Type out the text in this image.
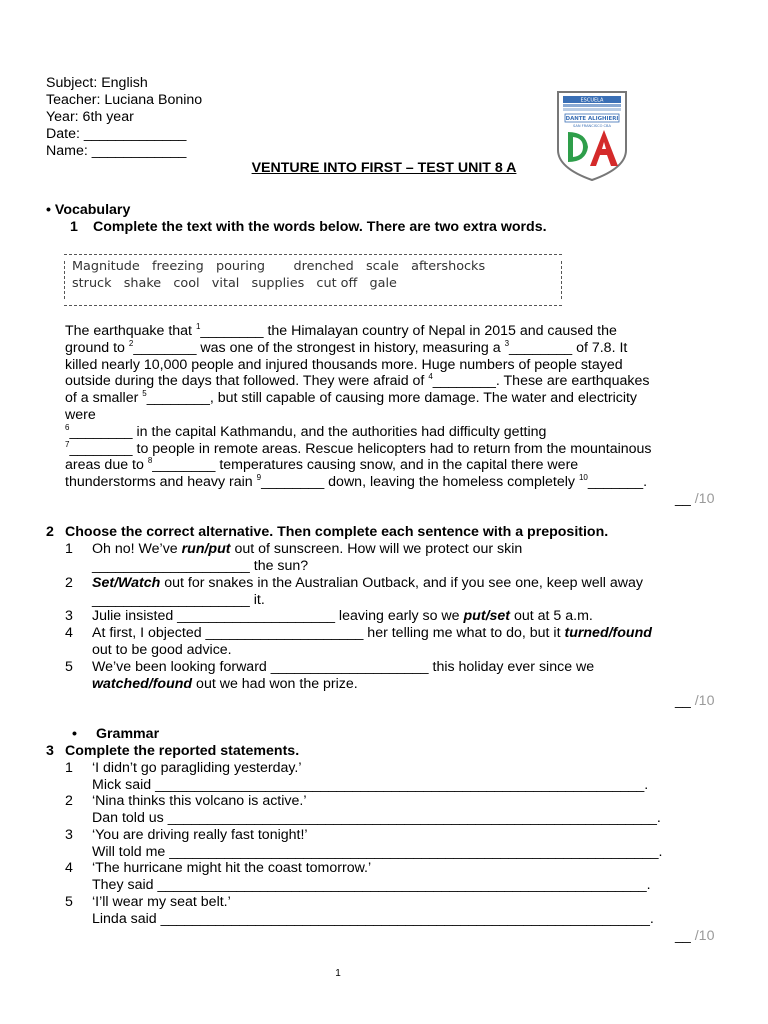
Subject: English
Teacher: Luciana Bonino
Year: 6th year
Date: _____________
Name: ____________
ESCUELA
DANTE ALIGHIERI
SAN FRANCISCO CBA
VENTURE INTO FIRST – TEST UNIT 8 A
• Vocabulary
1 Complete the text with the words below. There are two extra words.
Magnitude   freezing   pouring       drenched   scale   aftershocks
struck   shake   cool   vital   supplies   cut off   gale
The earthquake that $^1$________ the Himalayan country of Nepal in 2015 and caused the
ground to $^2$________ was one of the strongest in history, measuring a $^3$________ of 7.8. It
killed nearly 10,000 people and injured thousands more. Huge numbers of people stayed
outside during the days that followed. They were afraid of $^4$________. These are earthquakes
of a smaller $^5$________, but still capable of causing more damage. The water and electricity
were
$^6$________ in the capital Kathmandu, and the authorities had difficulty getting
$^7$________ to people in remote areas. Rescue helicopters had to return from the mountainous
areas due to $^8$________ temperatures causing snow, and in the capital there were
thunderstorms and heavy rain $^9$________ down, leaving the homeless completely $^{10}$_______.
__ /10
2 Choose the correct alternative. Then complete each sentence with a preposition.
1 Oh no! We’ve run/put out of sunscreen. How will we protect our skin
____________________ the sun?
2 Set/Watch out for snakes in the Australian Outback, and if you see one, keep well away
____________________ it.
3 Julie insisted ____________________ leaving early so we put/set out at 5 a.m.
4 At first, I objected ____________________ her telling me what to do, but it turned/found
out to be good advice.
5 We’ve been looking forward ____________________ this holiday ever since we
watched/found out we had won the prize.
__ /10
• Grammar
3 Complete the reported statements.
1 ‘I didn’t go paragliding yesterday.’
Mick said ______________________________________________________________.
2 ‘Nina thinks this volcano is active.’
Dan told us ______________________________________________________________.
3 ‘You are driving really fast tonight!’
Will told me ______________________________________________________________.
4 ‘The hurricane might hit the coast tomorrow.’
They said ______________________________________________________________.
5 ‘I’ll wear my seat belt.’
Linda said ______________________________________________________________.
__ /10
1
